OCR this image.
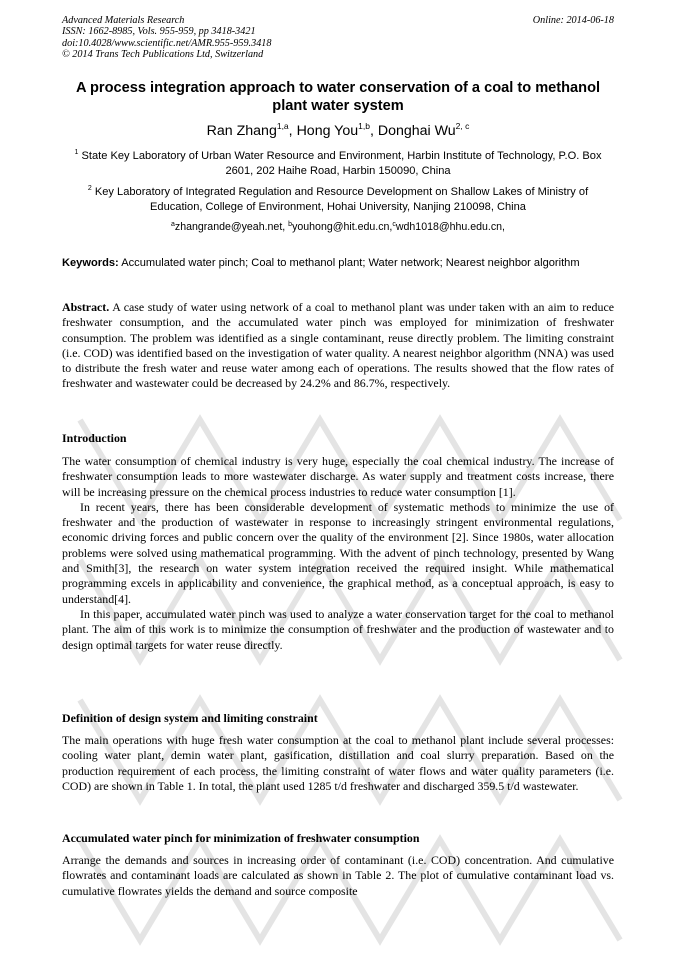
Advanced Materials Research
ISSN: 1662-8985, Vols. 955-959, pp 3418-3421
doi:10.4028/www.scientific.net/AMR.955-959.3418
© 2014 Trans Tech Publications Ltd, Switzerland
Online: 2014-06-18
A process integration approach to water conservation of a coal to methanol plant water system
Ran Zhang$^{1,a}$, Hong You$^{1,b}$, Donghai Wu$^{2, c}$
$^1$ State Key Laboratory of Urban Water Resource and Environment, Harbin Institute of Technology, P.O. Box 2601, 202 Haihe Road, Harbin 150090, China
$^2$ Key Laboratory of Integrated Regulation and Resource Development on Shallow Lakes of Ministry of Education, College of Environment, Hohai University, Nanjing 210098, China
$^a$zhangrande@yeah.net, $^b$youhong@hit.edu.cn,$^c$wdh1018@hhu.edu.cn,
Keywords: Accumulated water pinch; Coal to methanol plant; Water network; Nearest neighbor algorithm

Abstract. A case study of water using network of a coal to methanol plant was under taken with an aim to reduce freshwater consumption, and the accumulated water pinch was employed for minimization of freshwater consumption. The problem was identified as a single contaminant, reuse directly problem. The limiting constraint (i.e. COD) was identified based on the investigation of water quality. A nearest neighbor algorithm (NNA) was used to distribute the fresh water and reuse water among each of operations. The results showed that the flow rates of freshwater and wastewater could be decreased by 24.2% and 86.7%, respectively.

Introduction

The water consumption of chemical industry is very huge, especially the coal chemical industry. The increase of freshwater consumption leads to more wastewater discharge. As water supply and treatment costs increase, there will be increasing pressure on the chemical process industries to reduce water consumption [1].

In recent years, there has been considerable development of systematic methods to minimize the use of freshwater and the production of wastewater in response to increasingly stringent environmental regulations, economic driving forces and public concern over the quality of the environment [2]. Since 1980s, water allocation problems were solved using mathematical programming. With the advent of pinch technology, presented by Wang and Smith[3], the research on water system integration received the required insight. While mathematical programming excels in applicability and convenience, the graphical method, as a conceptual approach, is easy to understand[4].

In this paper, accumulated water pinch was used to analyze a water conservation target for the coal to methanol plant. The aim of this work is to minimize the consumption of freshwater and the production of wastewater and to design optimal targets for water reuse directly.

Definition of design system and limiting constraint

The main operations with huge fresh water consumption at the coal to methanol plant include several processes: cooling water plant, demin water plant, gasification, distillation and coal slurry preparation. Based on the production requirement of each process, the limiting constraint of water flows and water quality parameters (i.e. COD) are shown in Table 1. In total, the plant used 1285 t/d freshwater and discharged 359.5 t/d wastewater.

Accumulated water pinch for minimization of freshwater consumption

Arrange the demands and sources in increasing order of contaminant (i.e. COD) concentration. And cumulative flowrates and contaminant loads are calculated as shown in Table 2. The plot of cumulative contaminant load vs. cumulative flowrates yields the demand and source composite
